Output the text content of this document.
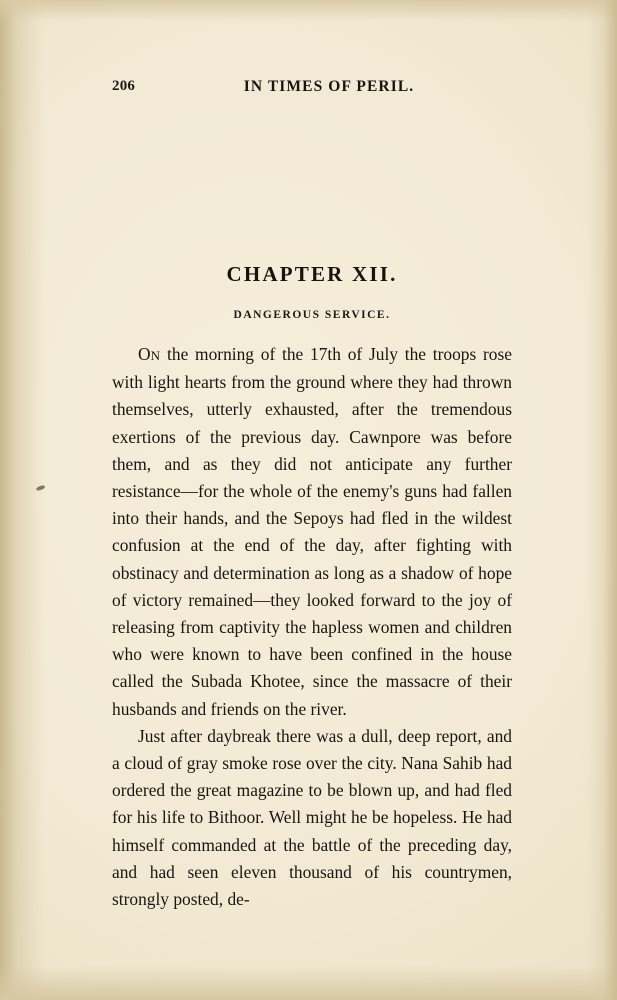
206	IN TIMES OF PERIL.
CHAPTER XII.
DANGEROUS SERVICE.

ON the morning of the 17th of July the troops rose with light hearts from the ground where they had thrown themselves, utterly exhausted, after the tremendous exertions of the previous day. Cawnpore was before them, and as they did not anticipate any further resistance—for the whole of the enemy's guns had fallen into their hands, and the Sepoys had fled in the wildest confusion at the end of the day, after fighting with obstinacy and determination as long as a shadow of hope of victory remained—they looked forward to the joy of releasing from captivity the hapless women and children who were known to have been confined in the house called the Subada Khotee, since the massacre of their husbands and friends on the river.

Just after daybreak there was a dull, deep report, and a cloud of gray smoke rose over the city. Nana Sahib had ordered the great magazine to be blown up, and had fled for his life to Bithoor. Well might he be hopeless. He had himself commanded at the battle of the preceding day, and had seen eleven thousand of his countrymen, strongly posted, de-
